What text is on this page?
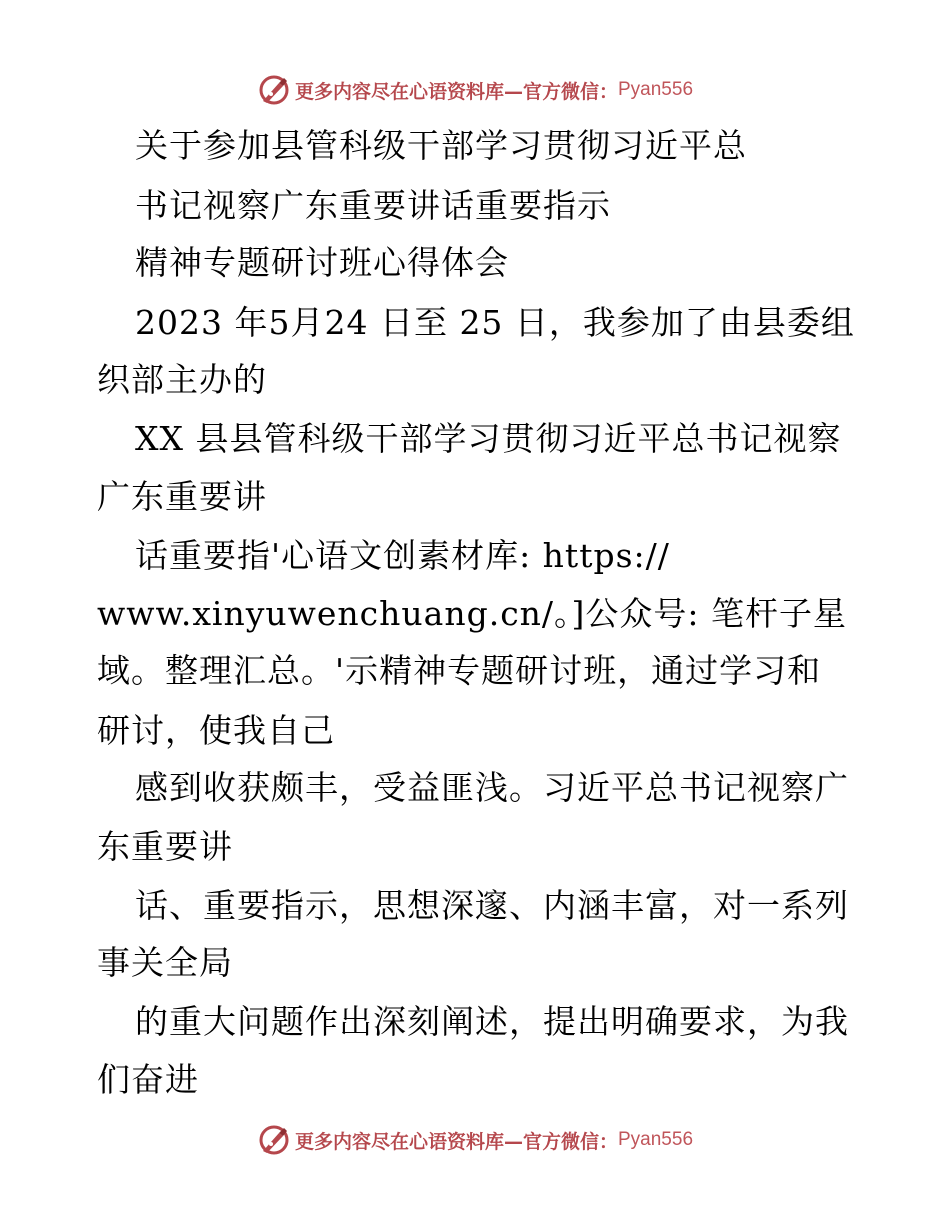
更多内容尽在心语资料库—官方微信： Pyan556
关于参加县管科级干部学习贯彻习近平总
书记视察广东重要讲话重要指示
精神专题研讨班心得体会
2023 年5月24 日至 25 日，我参加了由县委组
织部主办的
XX 县县管科级干部学习贯彻习近平总书记视察
广东重要讲
话重要指'心语文创素材库: https://
www.xinyuwenchuang.cn/。]公众号: 笔杆子星
域。整理汇总。'示精神专题研讨班，通过学习和
研讨，使我自己
感到收获颇丰，受益匪浅。习近平总书记视察广
东重要讲
话、重要指示，思想深邃、内涵丰富，对一系列
事关全局
的重大问题作出深刻阐述，提出明确要求，为我
们奋进
更多内容尽在心语资料库—官方微信： Pyan556
